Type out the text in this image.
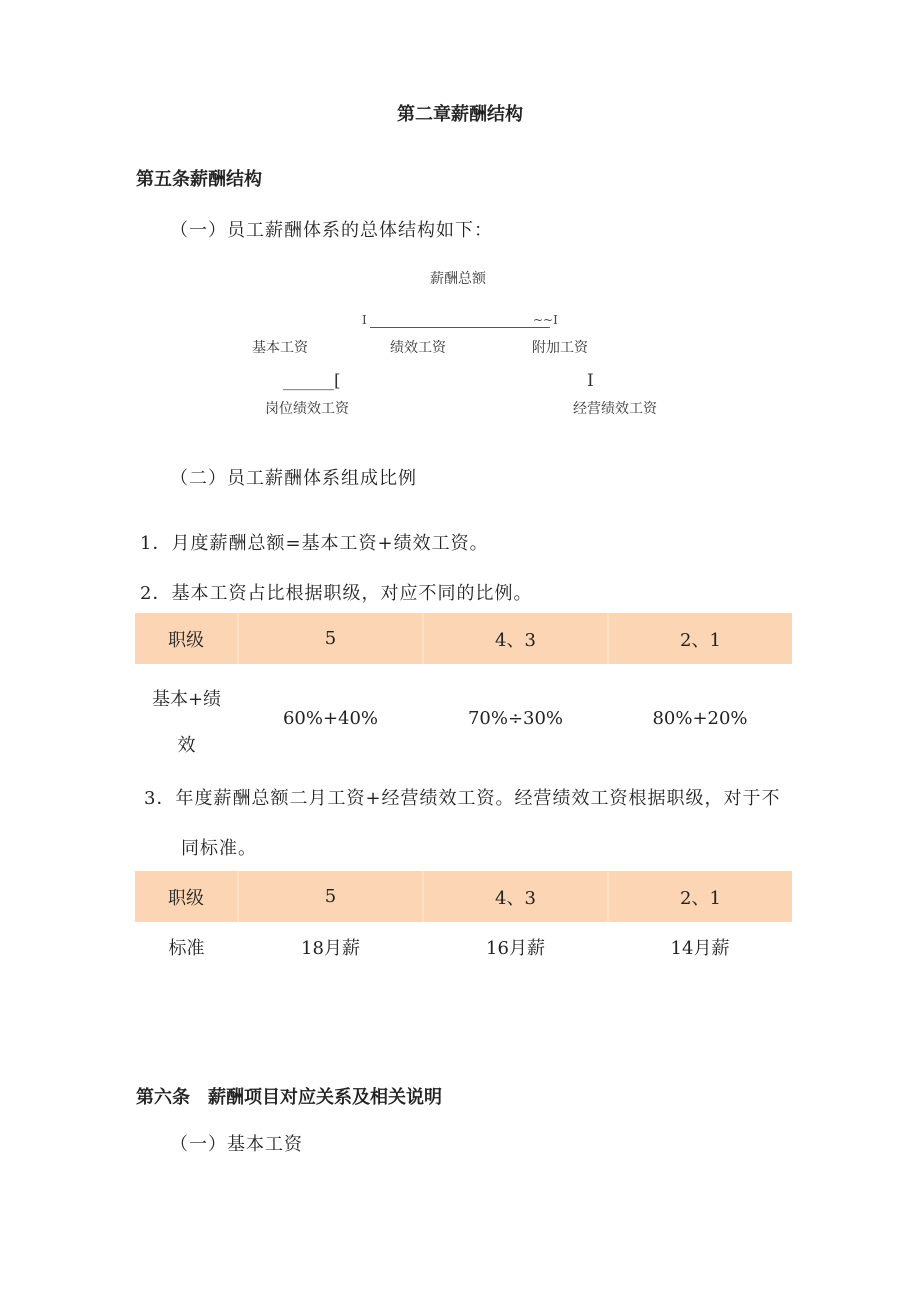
第二章薪酬结构
第五条薪酬结构
（一）员工薪酬体系的总体结构如下：
薪酬总额
I	~~I
基本工资	绩效工资	附加工资
______[	I
岗位绩效工资	经营绩效工资
（二）员工薪酬体系组成比例
1．月度薪酬总额=基本工资+绩效工资。
2．基本工资占比根据职级，对应不同的比例。
职级	5	4、3	2、1

基本+绩
效	60%+40%	70%÷30%	80%+20%
3．年度薪酬总额二月工资+经营绩效工资。经营绩效工资根据职级，对于不
同标准。
职级	5	4、3	2、1
标准	18月薪	16月薪	14月薪
第六条　薪酬项目对应关系及相关说明
（一）基本工资
